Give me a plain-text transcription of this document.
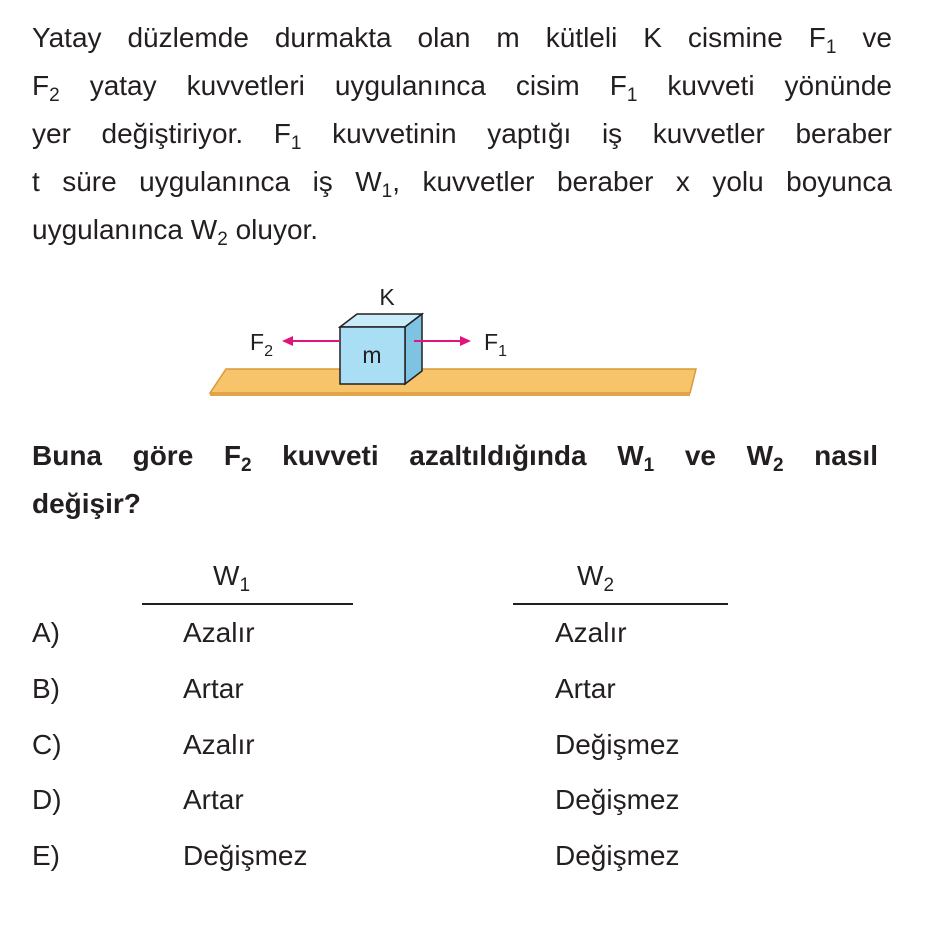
Yatay düzlemde durmakta olan m kütleli K cismine $F_1$ ve
$F_2$ yatay kuvvetleri uygulanınca cisim $F_1$ kuvveti yönünde
yer değiştiriyor. $F_1$ kuvvetinin yaptığı iş kuvvetler beraber
t süre uygulanınca iş $W_1$, kuvvetler beraber x yolu boyunca
uygulanınca $W_2$ oluyor.
m
K
$F_2$	$F_1$
Buna göre $F_2$ kuvveti azaltıldığında $W_1$ ve $W_2$ nasıl
değişir?
$W_1$	$W_2$
A)	Azalır	Azalır
B)	Artar	Artar
C)	Azalır	Değişmez
D)	Artar	Değişmez
E)	Değişmez	Değişmez
